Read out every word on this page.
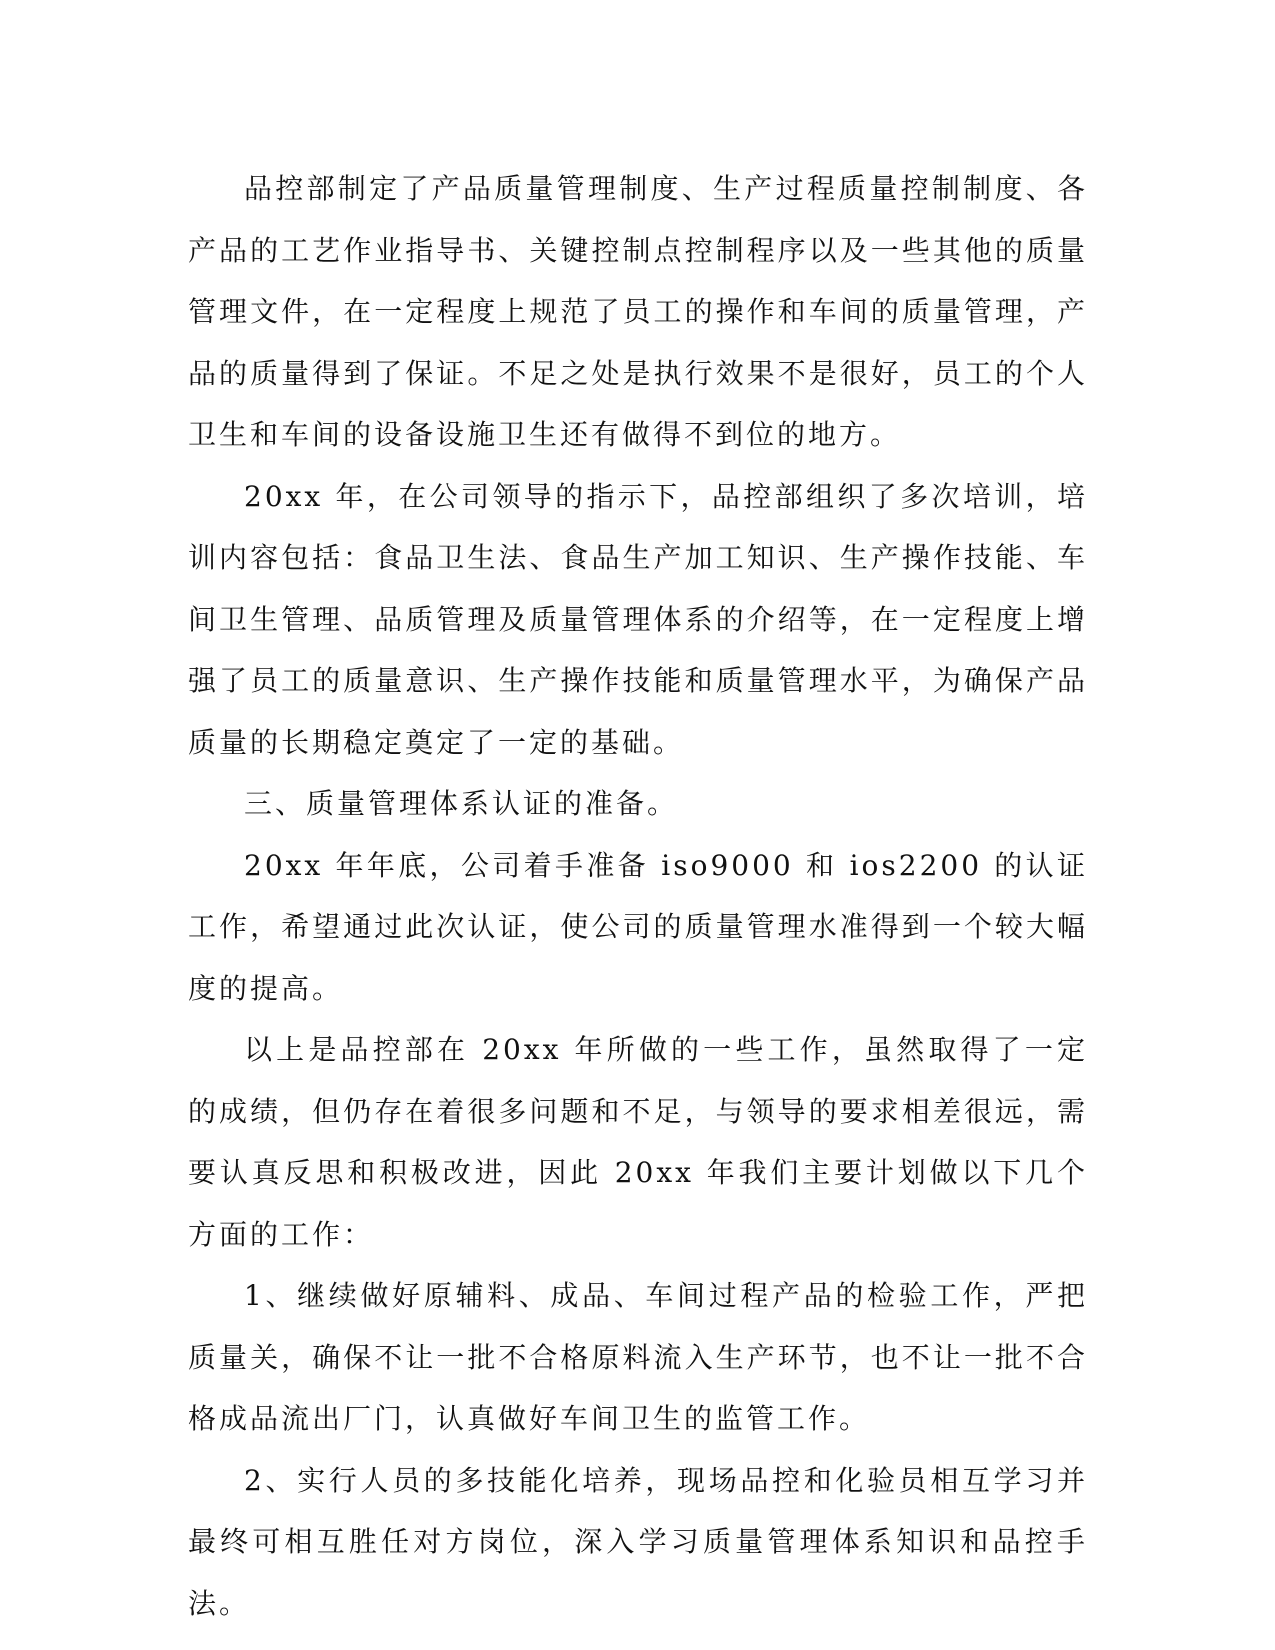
品控部制定了产品质量管理制度、生产过程质量控制制度、各产品的工艺作业指导书、关键控制点控制程序以及一些其他的质量管理文件，在一定程度上规范了员工的操作和车间的质量管理，产品的质量得到了保证。不足之处是执行效果不是很好，员工的个人卫生和车间的设备设施卫生还有做得不到位的地方。

20xx 年，在公司领导的指示下，品控部组织了多次培训，培训内容包括：食品卫生法、食品生产加工知识、生产操作技能、车间卫生管理、品质管理及质量管理体系的介绍等，在一定程度上增强了员工的质量意识、生产操作技能和质量管理水平，为确保产品质量的长期稳定奠定了一定的基础。

三、质量管理体系认证的准备。

20xx 年年底，公司着手准备 iso9000 和 ios2200 的认证工作，希望通过此次认证，使公司的质量管理水准得到一个较大幅度的提高。

以上是品控部在 20xx 年所做的一些工作，虽然取得了一定的成绩，但仍存在着很多问题和不足，与领导的要求相差很远，需要认真反思和积极改进，因此 20xx 年我们主要计划做以下几个方面的工作：

1、继续做好原辅料、成品、车间过程产品的检验工作，严把质量关，确保不让一批不合格原料流入生产环节，也不让一批不合格成品流出厂门，认真做好车间卫生的监管工作。

2、实行人员的多技能化培养，现场品控和化验员相互学习并最终可相互胜任对方岗位，深入学习质量管理体系知识和品控手法。
